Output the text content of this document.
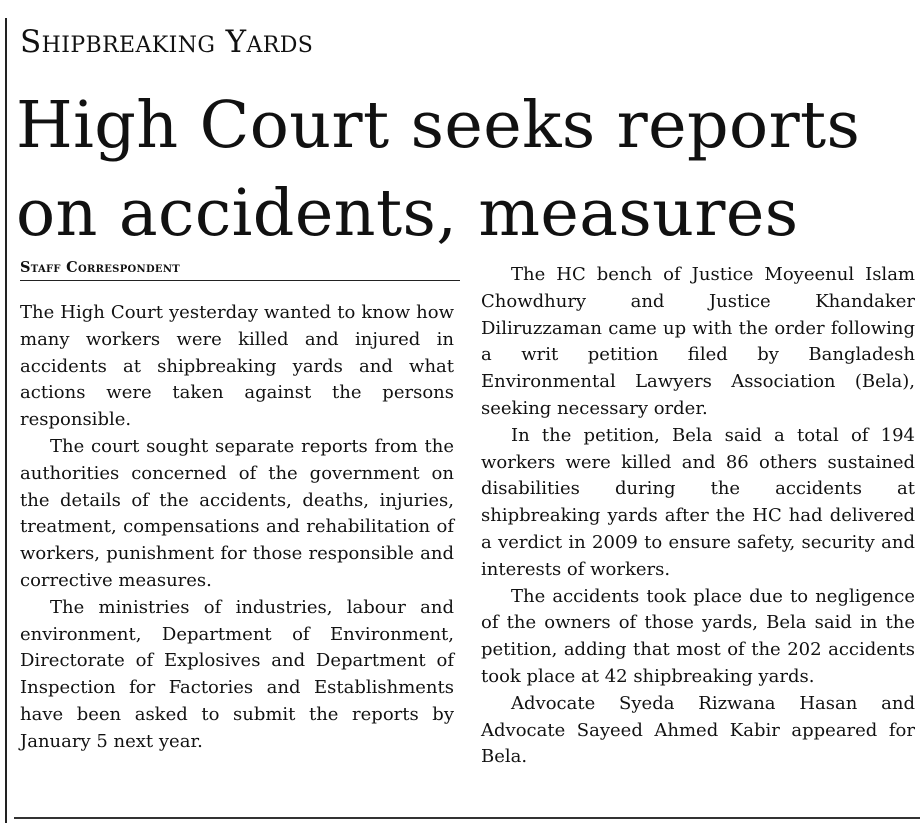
Shipbreaking Yards
High Court seeks reports
on accidents, measures
Staff Correspondent

The High Court yesterday wanted to know how many workers were killed and injured in accidents at shipbreaking yards and what actions were taken against the persons responsible.

The court sought separate reports from the authorities concerned of the government on the details of the accidents, deaths, injuries, treatment, compensations and rehabilitation of workers, punishment for those responsible and corrective measures.

The ministries of industries, labour and environment, Department of Environment, Directorate of Explosives and Department of Inspection for Factories and Establishments have been asked to submit the reports by January 5 next year.

The HC bench of Justice Moyeenul Islam Chowdhury and Justice Khandaker Diliruzzaman came up with the order following a writ petition filed by Bangladesh Environmental Lawyers Association (Bela), seeking necessary order.

In the petition, Bela said a total of 194 workers were killed and 86 others sustained disabilities during the accidents at shipbreaking yards after the HC had delivered a verdict in 2009 to ensure safety, security and interests of workers.

The accidents took place due to negligence of the owners of those yards, Bela said in the petition, adding that most of the 202 accidents took place at 42 shipbreaking yards.

Advocate Syeda Rizwana Hasan and Advocate Sayeed Ahmed Kabir appeared for Bela.
